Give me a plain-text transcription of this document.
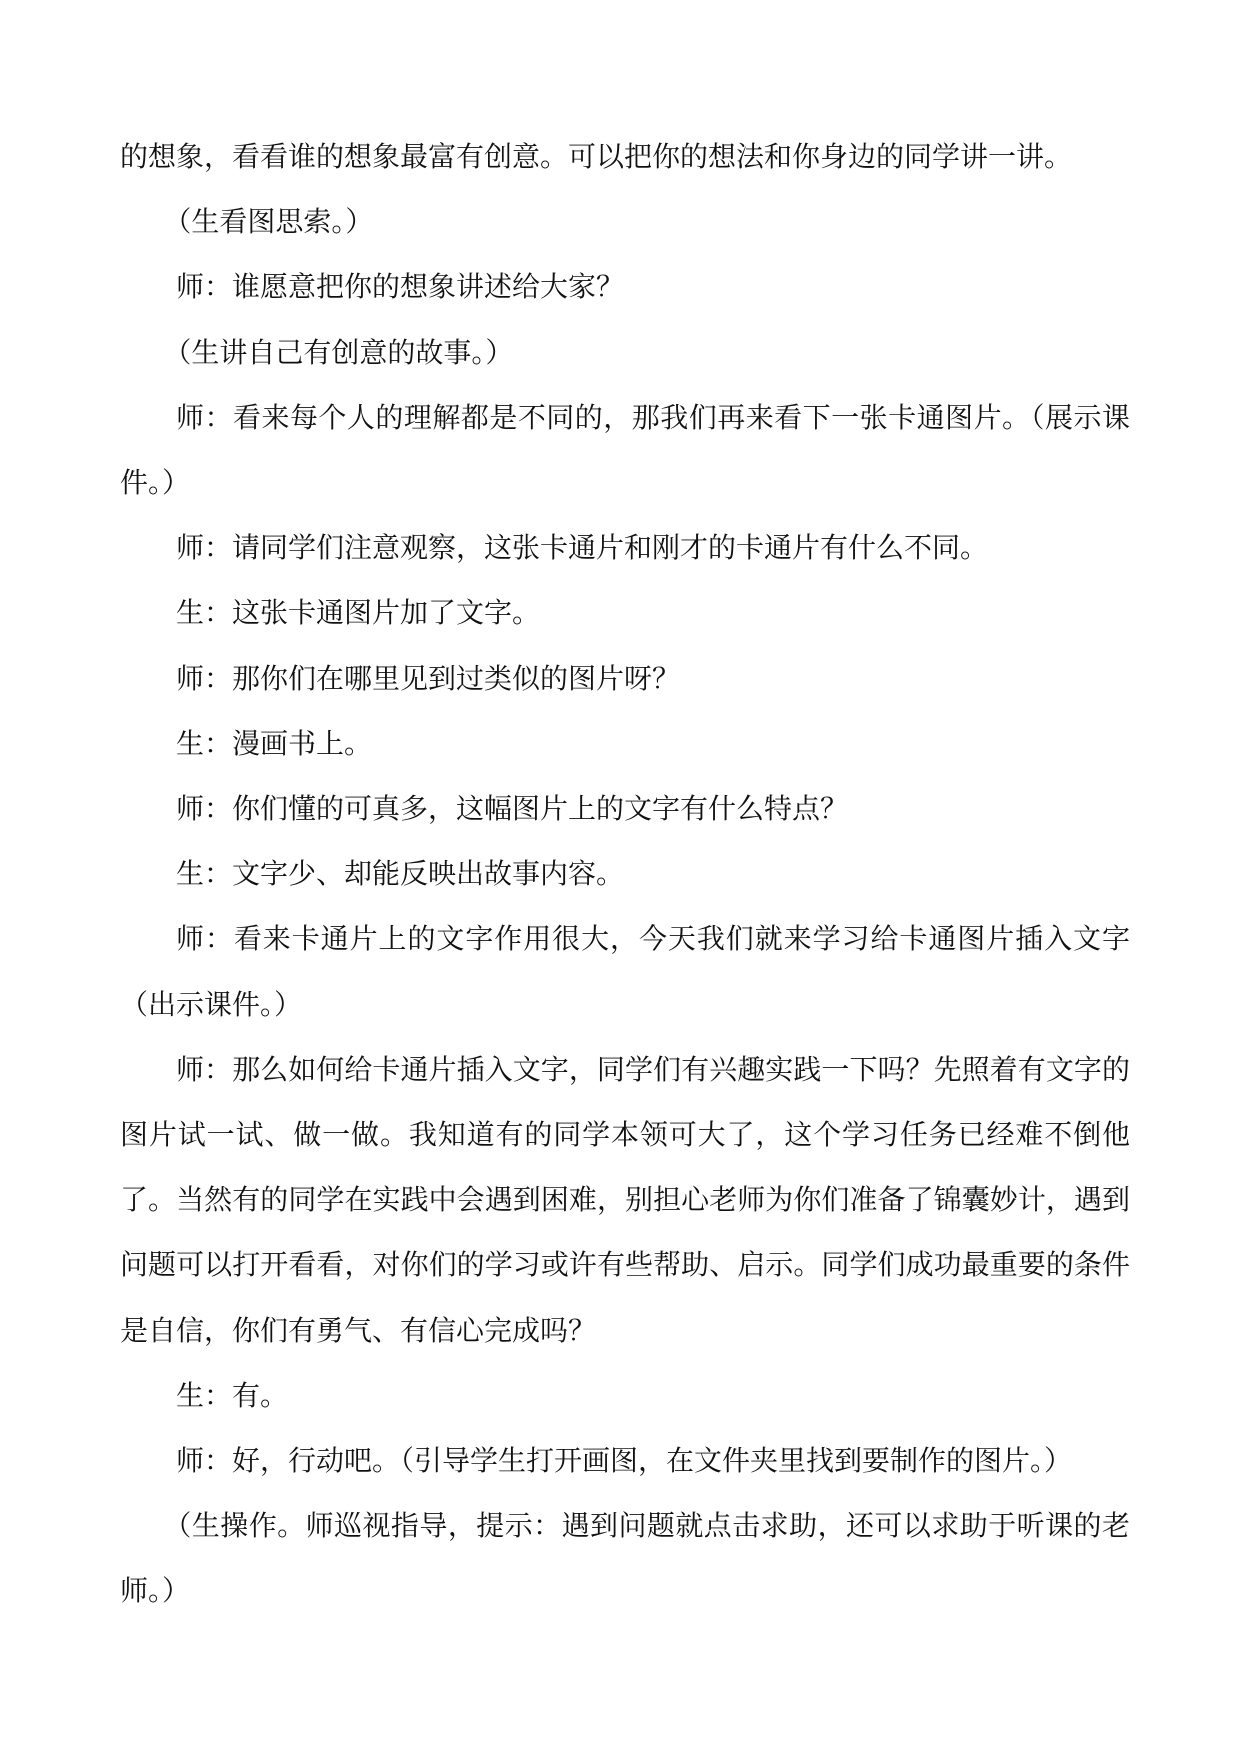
的想象，看看谁的想象最富有创意。可以把你的想法和你身边的同学讲一讲。

（生看图思索。）

师：谁愿意把你的想象讲述给大家？

（生讲自己有创意的故事。）

师：看来每个人的理解都是不同的，那我们再来看下一张卡通图片。（展示课件。）

师：请同学们注意观察，这张卡通片和刚才的卡通片有什么不同。

生：这张卡通图片加了文字。

师：那你们在哪里见到过类似的图片呀？

生：漫画书上。

师：你们懂的可真多，这幅图片上的文字有什么特点？

生：文字少、却能反映出故事内容。

师：看来卡通片上的文字作用很大，今天我们就来学习给卡通图片插入文字（出示课件。）

师：那么如何给卡通片插入文字，同学们有兴趣实践一下吗？先照着有文字的图片试一试、做一做。我知道有的同学本领可大了，这个学习任务已经难不倒他了。当然有的同学在实践中会遇到困难，别担心老师为你们准备了锦囊妙计，遇到问题可以打开看看，对你们的学习或许有些帮助、启示。同学们成功最重要的条件是自信，你们有勇气、有信心完成吗？

生：有。

师：好，行动吧。（引导学生打开画图，在文件夹里找到要制作的图片。）

（生操作。师巡视指导，提示：遇到问题就点击求助，还可以求助于听课的老师。）
